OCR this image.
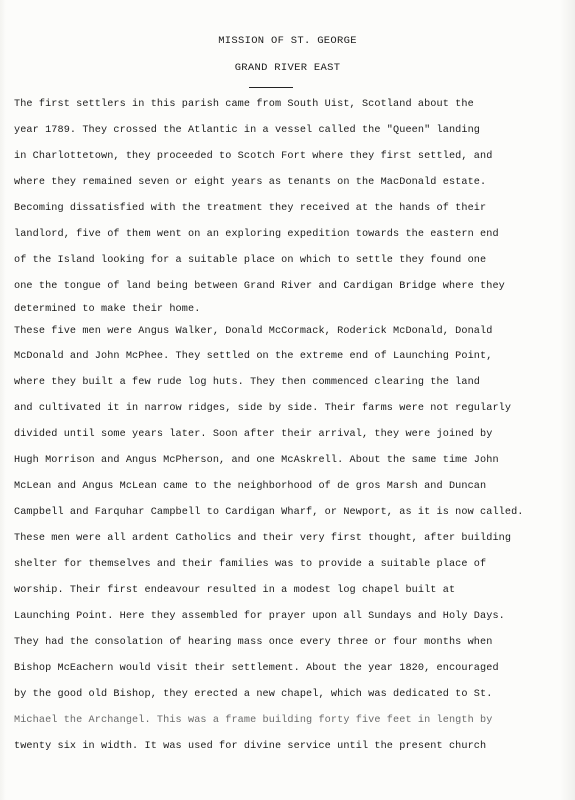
MISSION OF ST. GEORGE
GRAND RIVER EAST
The first settlers in this parish came from South Uist, Scotland about the
year 1789. They crossed the Atlantic in a vessel called the "Queen" landing
in Charlottetown, they proceeded to Scotch Fort where they first settled, and
where they remained seven or eight years as tenants on the MacDonald estate.
Becoming dissatisfied with the treatment they received at the hands of their
landlord, five of them went on an exploring expedition towards the eastern end
of the Island looking for a suitable place on which to settle they found one
one the tongue of land being between Grand River and Cardigan Bridge where they
determined to make their home.
These five men were Angus Walker, Donald McCormack, Roderick McDonald, Donald
McDonald and John McPhee. They settled on the extreme end of Launching Point,
where they built a few rude log huts. They then commenced clearing the land
and cultivated it in narrow ridges, side by side. Their farms were not regularly
divided until some years later. Soon after their arrival, they were joined by
Hugh Morrison and Angus McPherson, and one McAskrell. About the same time John
McLean and Angus McLean came to the neighborhood of de gros Marsh and Duncan
Campbell and Farquhar Campbell to Cardigan Wharf, or Newport, as it is now called.
These men were all ardent Catholics and their very first thought, after building
shelter for themselves and their families was to provide a suitable place of
worship. Their first endeavour resulted in a modest log chapel built at
Launching Point. Here they assembled for prayer upon all Sundays and Holy Days.
They had the consolation of hearing mass once every three or four months when
Bishop McEachern would visit their settlement. About the year 1820, encouraged
by the good old Bishop, they erected a new chapel, which was dedicated to St.
Michael the Archangel. This was a frame building forty five feet in length by
twenty six in width. It was used for divine service until the present church
